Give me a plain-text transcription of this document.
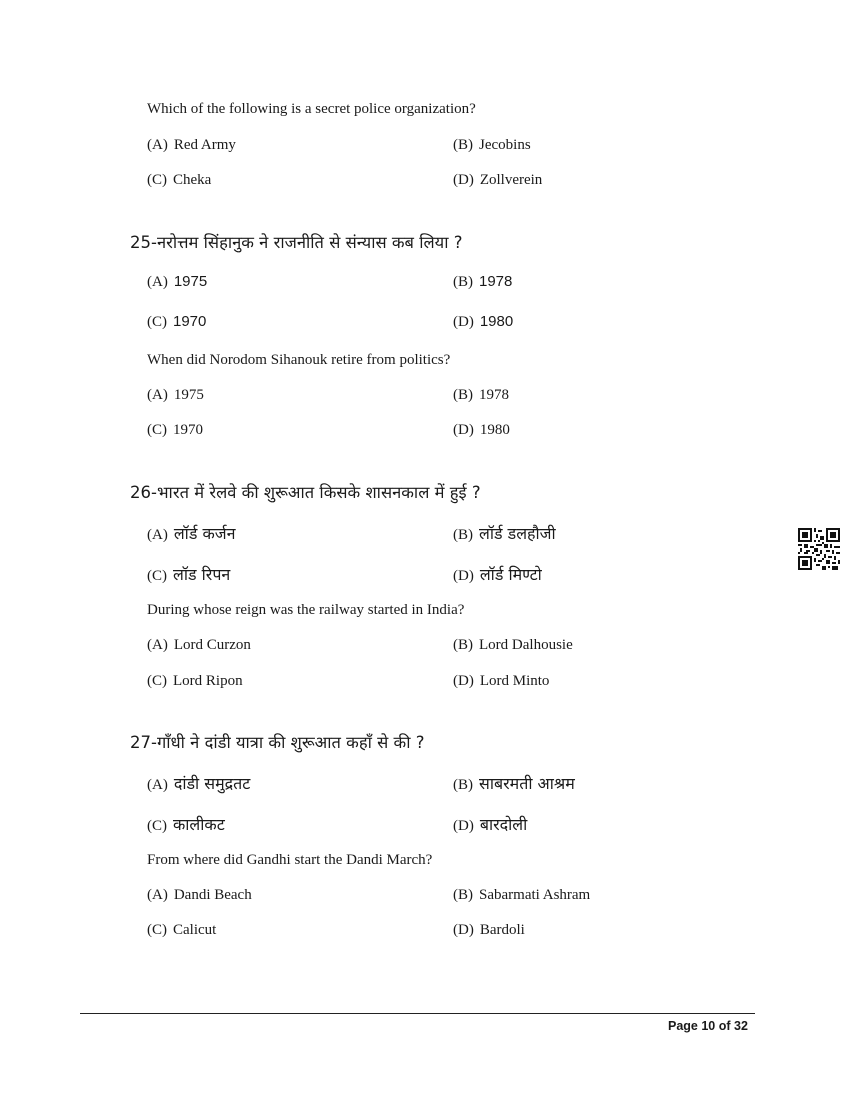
Which of the following is a secret police organization?
(A) Red Army	(B) Jecobins
(C) Cheka	(D) Zollverein
25-नरोत्तम सिंहानुक ने राजनीति से संन्यास कब लिया ?
(A) 1975	(B) 1978
(C) 1970	(D) 1980
When did Norodom Sihanouk retire from politics?
(A) 1975	(B) 1978
(C) 1970	(D) 1980
26-भारत में रेलवे की शुरूआत किसके शासनकाल में हुई ?
(A) लॉर्ड कर्जन	(B) लॉर्ड डलहौजी
(C) लॉड रिपन	(D) लॉर्ड मिण्टो
During whose reign was the railway started in India?
(A) Lord Curzon	(B) Lord Dalhousie
(C) Lord Ripon	(D) Lord Minto
27-गाँधी ने दांडी यात्रा की शुरूआत कहाँ से की ?
(A) दांडी समुद्रतट	(B) साबरमती आश्रम
(C) कालीकट	(D) बारदोली
From where did Gandhi start the Dandi March?
(A) Dandi Beach	(B) Sabarmati Ashram
(C) Calicut	(D) Bardoli
Page 10 of 32
